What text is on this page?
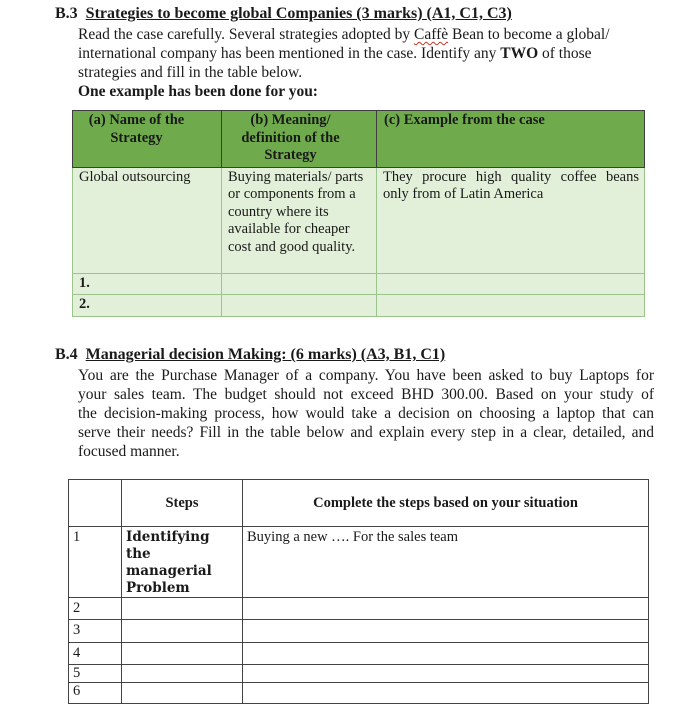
B.3 Strategies to become global Companies (3 marks) (A1, C1, C3)
Read the case carefully. Several strategies adopted by Caffè Bean to become a global/
international company has been mentioned in the case. Identify any TWO of those
strategies and fill in the table below.
One example has been done for you:
(a) Name of the Strategy	(b) Meaning/ definition of the Strategy	(c) Example from the case
Global outsourcing	Buying materials/ parts or components from a country where its available for cheaper cost and good quality.	They procure high quality coffee beans only from of Latin America
1.		
2.		
B.4 Managerial decision Making: (6 marks) (A3, B1, C1)
You are the Purchase Manager of a company. You have been asked to buy Laptops for
your sales team. The budget should not exceed BHD 300.00. Based on your study of
the decision-making process, how would take a decision on choosing a laptop that can
serve their needs? Fill in the table below and explain every step in a clear, detailed, and
focused manner.
	Steps	Complete the steps based on your situation
1	Identifying the managerial Problem	Buying a new …. For the sales team
2		
3		
4		
5		
6		
